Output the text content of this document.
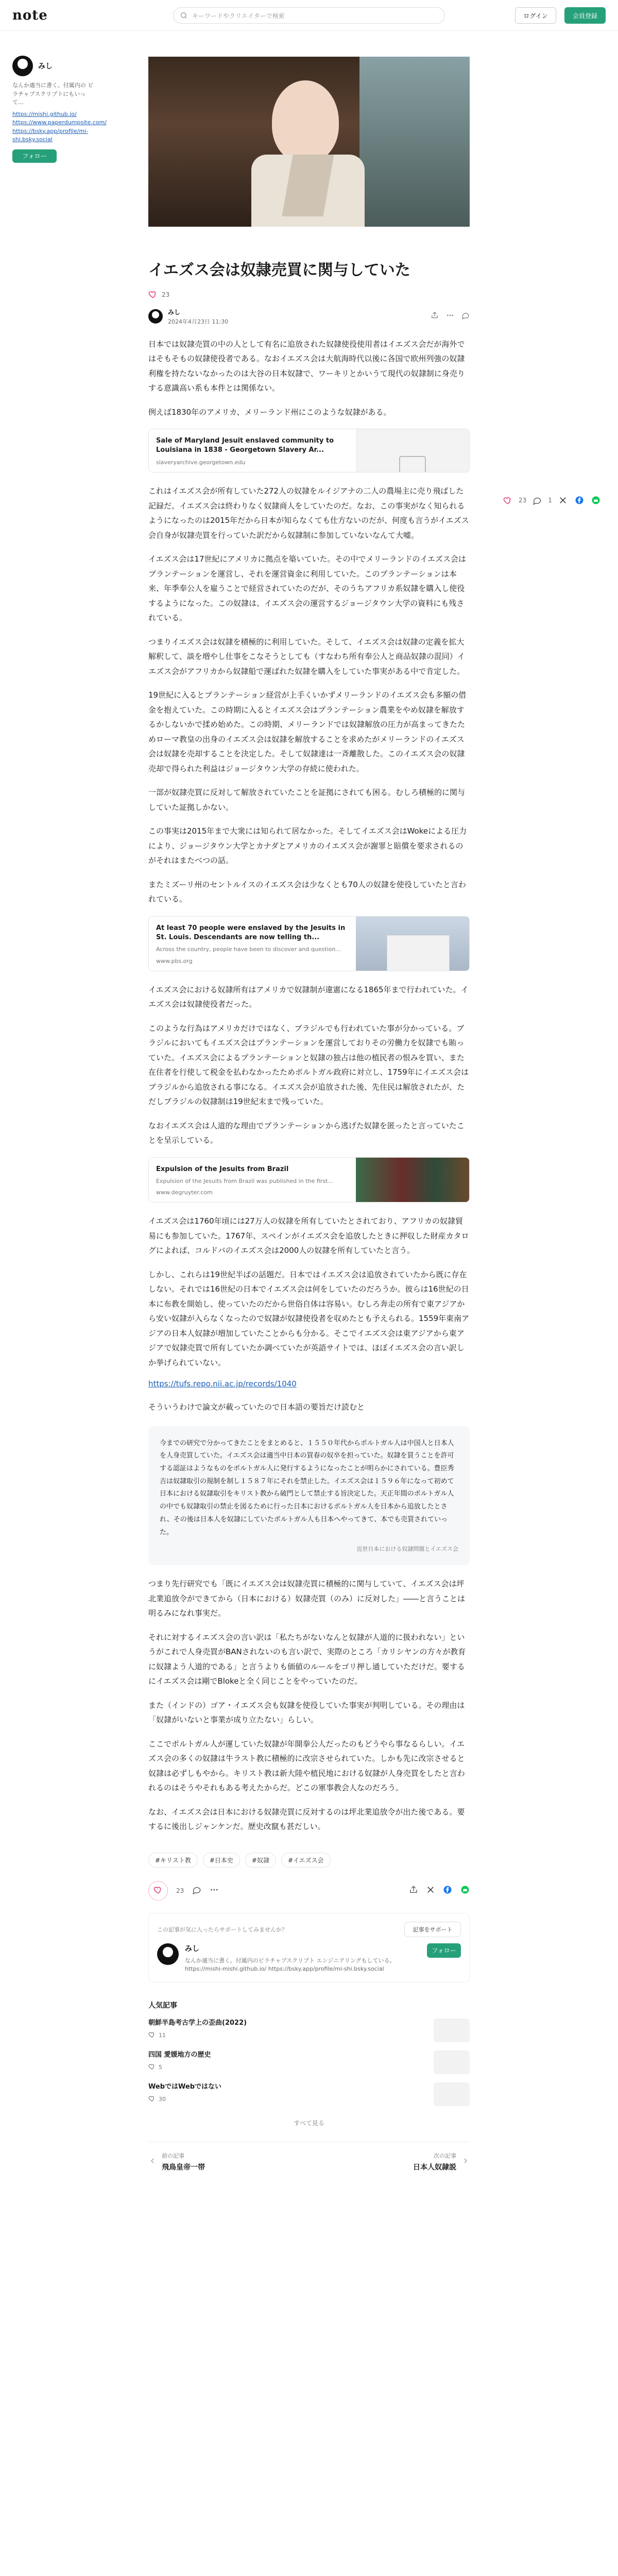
note	キーワードやクリエイターで検索	ログイン	会員登録
みし
なんか適当に書く。付属内の ビラチャプスクリプトにもいって…
https://mishi.github.io/
https://www.paperdumpsite.com/
https://bsky.app/profile/mi-shi.bsky.social
フォロー
23	1
イエズス会は奴隷売買に関与していた
23
みし
2024年4月23日 11:30
日本では奴隷売買の中の人として有名に追放された奴隷使役使用者はイエズス会だが海外ではそもそもの奴隷使役者である。なおイエズス会は大航海時代以後に各国で欧州列強の奴隷利権を持たないなかったのは大谷の日本奴隷で、ワーキリとかいうて現代の奴隷制に身売りする意識高い系も本件とは関係ない。
例えば1830年のアメリカ、メリーランド州にこのような奴隷がある。
Sale of Maryland Jesuit enslaved community to Louisiana in 1838 - Georgetown Slavery Ar...
slaveryarchive.georgetown.edu
これはイエズス会が所有していた272人の奴隷をルイジアナの二人の農場主に売り飛ばした記録だ。イエズス会は終わりなく奴隷商人をしていたのだ。なお、この事実がなく知られるようになったのは2015年だから日本が知らなくても仕方ないのだが、何度も言うがイエズス会自身が奴隷売買を行っていた訳だから奴隷制に参加していないなんて大嘘。
イエズス会は17世紀にアメリカに拠点を築いていた。その中でメリーランドのイエズス会はプランテーションを運営し、それを運営資金に利用していた。このプランテーションは本来、年季奉公人を雇うことで経営されていたのだが、そのうちアフリカ系奴隷を購入し使役するようになった。この奴隷は、イエズス会の運営するジョージタウン大学の資料にも残されている。
つまりイエズス会は奴隷を積極的に利用していた。そして、イエズス会は奴隷の定義を拡大解釈して、談を増やし仕事をこなそうとしても（すなわち所有奉公人と商品奴隷の混同）イエズス会がアフリカから奴隷船で運ばれた奴隷を購入をしていた事実がある中で肯定した。
19世紀に入るとプランテーション経営が上手くいかずメリーランドのイエズス会も多額の借金を抱えていた。この時期に入るとイエズス会はプランテーション農業をやめ奴隷を解放するかしないかで揉め始めた。この時期、メリーランドでは奴隷解放の圧力が高まってきたためローマ教皇の出身のイエズス会は奴隷を解放することを求めたがメリーランドのイエズス会は奴隷を売却することを決定した。そして奴隷達は一斉離散した。このイエズス会の奴隷売却で得られた利益はジョージタウン大学の存続に使われた。
一部が奴隷売買に反対して解放されていたことを証拠にされても困る。むしろ積極的に関与していた証拠しかない。
この事実は2015年まで大衆には知られて居なかった。そしてイエズス会はWokeによる圧力により、ジョージタウン大学とカナダとアメリカのイエズス会が謝罪と賠償を要求されるのがそれはまたべつの話。
またミズーリ州のセントルイスのイエズス会は少なくとも70人の奴隷を使役していたと言われている。
At least 70 people were enslaved by the Jesuits in St. Louis. Descendants are now telling th...
Across the country, people have been to discover and question...
www.pbs.org
イエズス会における奴隷所有はアメリカで奴隷制が違憲になる1865年まで行われていた。イエズス会は奴隷使役者だった。
このような行為はアメリカだけではなく、ブラジルでも行われていた事が分かっている。ブラジルにおいてもイエズス会はプランテーションを運営しておりその労働力を奴隷でも賄っていた。イエズス会によるプランテーションと奴隷の独占は他の植民者の恨みを買い、また在住者を行使して税金を払わなかったためポルトガル政府に対立し、1759年にイエズス会はブラジルから追放される事になる。イエズス会が追放された後、先住民は解放されたが、ただしブラジルの奴隷制は19世紀末まで残っていた。
なおイエズス会は人道的な理由でプランテーションから逃げた奴隷を匿ったと言っていたことを呈示している。
Expulsion of the Jesuits from Brazil
Expulsion of the Jesuits from Brazil was published in the first...
www.degruyter.com
イエズス会は1760年頃には27万人の奴隷を所有していたとされており、アフリカの奴隷貿易にも参加していた。1767年、スペインがイエズス会を追放したときに押収した財産カタログによれば、コルドバのイエズス会は2000人の奴隷を所有していたと言う。
しかし、これらは19世紀半ばの話題だ。日本ではイエズス会は追放されていたから既に存在しない。それでは16世紀の日本でイエズス会は何をしていたのだろうか。彼らは16世紀の日本に布教を開始し、使っていたのだから世俗自体は容易い。むしろ奔走の所有で東アジアから安い奴隷が入らなくなったので奴隷が奴隷使役者を収めたとも予えられる。1559年東南アジアの日本人奴隷が増加していたことからも分かる。そこでイエズス会は東アジアから東アジアで奴隷売買で所有していたか調べていたが英語サイトでは、ほぼイエズス会の言い訳しか挙げられていない。
https://tufs.repo.nii.ac.jp/records/1040
そういうわけで論文が載っていたので日本語の要旨だけ読むと
今までの研究で分かってきたことをまとめると、１５５０年代からポルトガル人は中国人と日本人を人身売買していた。イエズス会は適当中日本の買春の奴卒を担っていた。奴隷を買うことを許可する認証はようなものをポルトガル人に発行するようになったことが明らかにされている。豊臣秀吉は奴隷取引の規制を制し１５８７年にそれを禁止した。イエズス会は１５９６年になって初めて日本における奴隷取引をキリスト教から破門として禁止する旨決定した。天正年間のポルトガル人の中でも奴隷取引の禁止を図るために行った日本におけるポルトガル人を日本から追放したとされ、その後は日本人を奴隷にしていたポルトガル人も日本へやってきて、本でも売買されていった。
近世日本における奴隷問題とイエズス会
つまり先行研究でも「既にイエズス会は奴隷売買に積極的に関与していて、イエズス会は坪北業追放令ができてから（日本における）奴隷売買（のみ）に反対した」――と言うことは明るみになれ事実だ。
それに対するイエズス会の言い訳は「私たちがないなんと奴隷が人道的に扱われない」というがこれで人身売買がBANされないのも言い訳で、実際のところ「カリシヤンの方々が教育に奴隷よう人道的である」と言うよりも価値のルールをゴリ押し通していただけだ。要するにイエズス会は剛でBlokeと全く同じことをやっていたのだ。
また（インドの）ゴア・イエズス会も奴隷を使役していた事実が判明している。その理由は「奴隷がいないと事業が成り立たない」らしい。
ここでポルトガル人が運していた奴隷が年開拳公人だったのもどうやら事なるらしい。イエズス会の多くの奴隷は牛ラスト教に積極的に改宗させられていた。しかも先に改宗させると奴隷は必ずしもやから。キリスト教は新大陸や植民地における奴隷が人身売買をしたと言われるのはそうやそれもある考えたからだ。どこの軍事教会人なのだろう。
なお、イエズス会は日本における奴隷売買に反対するのは坪北業追放令が出た後である。要するに後出しジャンケンだ。歴史改竄も甚だしい。
#キリスト教	#日本史	#奴隷	#イエズス会
23
この記事が気に入ったらサポートしてみませんか？	記事をサポート
みし
なんか適当に書く。付属内のビラチャプスクリプト エンジニアリングもしている。 https://mishi-mishi.github.io/ https://bsky.app/profile/mi-shi.bsky.social
フォロー
人気記事
朝鮮半島考古学上の歪曲(2022)
11
四国 愛媛地方の歴史
5
WebではWebではない
30
すべて見る
前の記事
飛鳥皇帝一帯
次の記事
日本人奴隷説
